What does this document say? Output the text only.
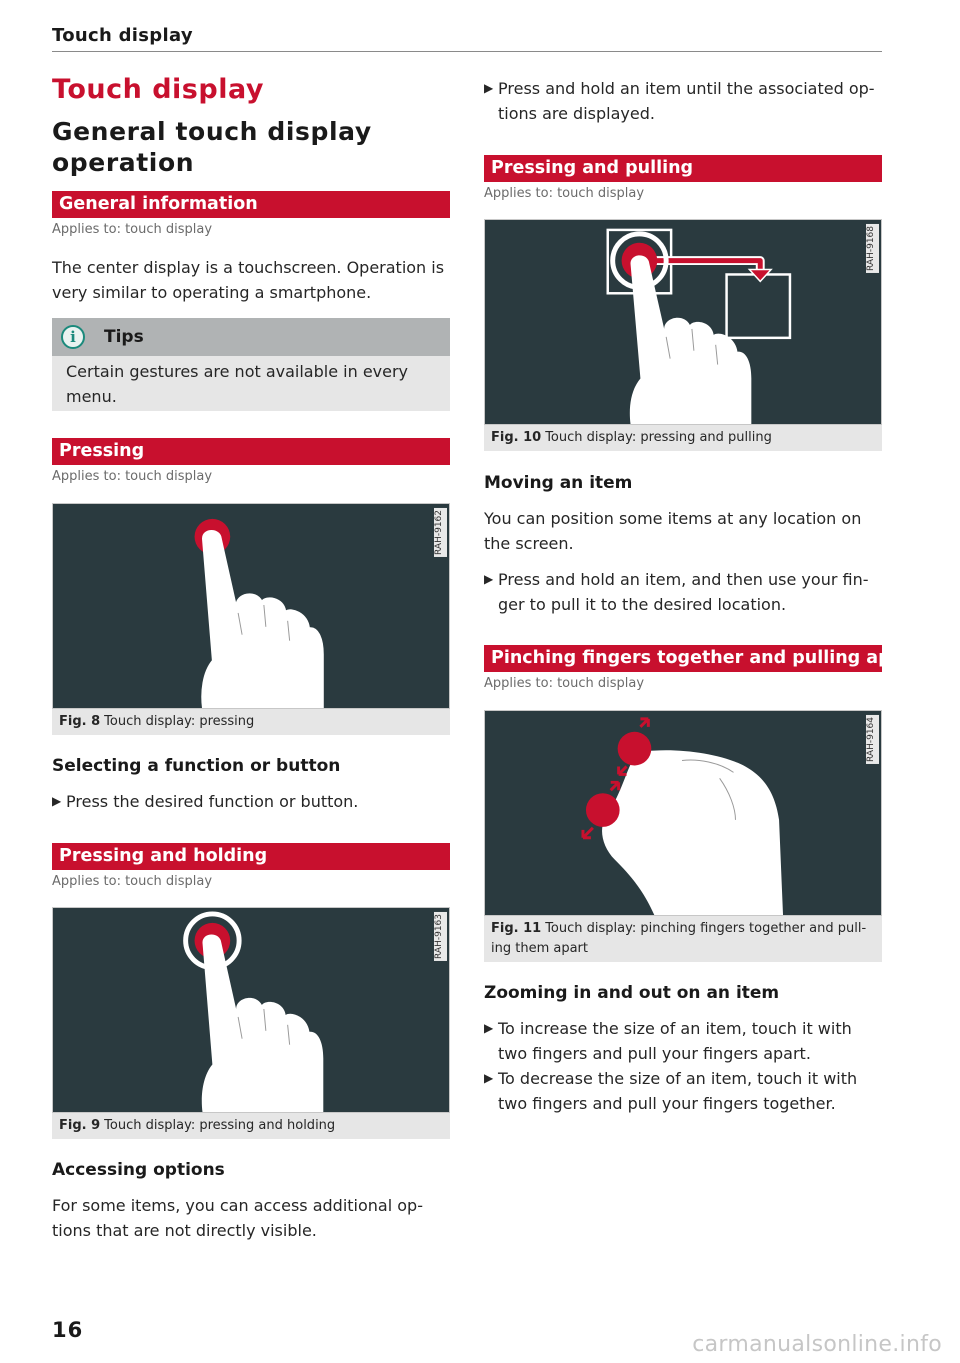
Touch display
Touch display
General touch display
operation
General information
Applies to: touch display
The center display is a touchscreen. Operation is very similar to operating a smartphone.
i	Tips
Certain gestures are not available in every menu.
Pressing
Applies to: touch display
RAH-9162
Fig. 8 Touch display: pressing
Selecting a function or button
▶ Press the desired function or button.
Pressing and holding
Applies to: touch display
RAH-9163
Fig. 9 Touch display: pressing and holding
Accessing options
For some items, you can access additional op- tions that are not directly visible.
▶ Press and hold an item until the associated op- tions are displayed.
Pressing and pulling
Applies to: touch display
RAH-9168
Fig. 10 Touch display: pressing and pulling
Moving an item
You can position some items at any location on the screen.
▶ Press and hold an item, and then use your fin- ger to pull it to the desired location.
Pinching fingers together and pulling apart
Applies to: touch display
RAH-9164
Fig. 11 Touch display: pinching fingers together and pull- ing them apart
Zooming in and out on an item
▶ To increase the size of an item, touch it with two fingers and pull your fingers apart.
▶ To decrease the size of an item, touch it with two fingers and pull your fingers together.
16
carmanualsonline.info
